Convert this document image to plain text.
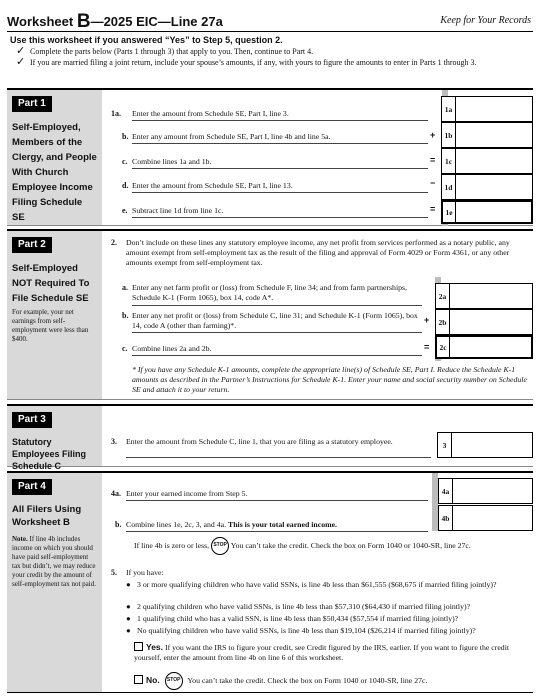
Worksheet B—2025 EIC—Line 27a	Keep for Your Records
Use this worksheet if you answered “Yes” to Step 5, question 2.
✓ Complete the parts below (Parts 1 through 3) that apply to you. Then, continue to Part 4.
✓ If you are married filing a joint return, include your spouse’s amounts, if any, with yours to figure the amounts to enter in Parts 1 through 3.
Part 1
Self-Employed, Members of the Clergy, and People With Church Employee Income Filing Schedule SE
1a. Enter the amount from Schedule SE, Part I, line 3.	1a
b. Enter any amount from Schedule SE, Part I, line 4b and line 5a.	+	1b
c. Combine lines 1a and 1b.	=	1c
d. Enter the amount from Schedule SE, Part I, line 13.	−	1d
e. Subtract line 1d from line 1c.	=	1e
Part 2
Self-Employed NOT Required To File Schedule SE
For example, your net earnings from self-employment were less than $400.
2. Don’t include on these lines any statutory employee income, any net profit from services performed as a notary public, any amount exempt from self-employment tax as the result of the filing and approval of Form 4029 or Form 4361, or any other amounts exempt from self-employment tax.
a. Enter any net farm profit or (loss) from Schedule F, line 34; and from farm partnerships, Schedule K-1 (Form 1065), box 14, code A*.	2a
b. Enter any net profit or (loss) from Schedule C, line 31; and Schedule K-1 (Form 1065), box 14, code A (other than farming)*.
+	2b
c. Combine lines 2a and 2b.	=	2c
* If you have any Schedule K-1 amounts, complete the appropriate line(s) of Schedule SE, Part I. Reduce the Schedule K-1 amounts as described in the Partner’s Instructions for Schedule K-1. Enter your name and social security number on Schedule SE and attach it to your return.
Part 3
Statutory Employees Filing Schedule C
3. Enter the amount from Schedule C, line 1, that you are filing as a statutory employee.	3
Part 4
All Filers Using Worksheet B
Note. If line 4b includes income on which you should have paid self-employment tax but didn’t, we may reduce your credit by the amount of self-employment tax not paid.
4a. Enter your earned income from Step 5.	4a
b. Combine lines 1e, 2c, 3, and 4a. This is your total earned income.
4b
If line 4b is zero or less, STOP You can’t take the credit. Check the box on Form 1040 or 1040-SR, line 27c.
5. If you have:
● 3 or more qualifying children who have valid SSNs, is line 4b less than $61,555 ($68,675 if married filing jointly)?
● 2 qualifying children who have valid SSNs, is line 4b less than $57,310 ($64,430 if married filing jointly)?
● 1 qualifying child who has a valid SSN, is line 4b less than $50,434 ($57,554 if married filing jointly)?
● No qualifying children who have valid SSNs, is line 4b less than $19,104 ($26,214 if married filing jointly)?
Yes. If you want the IRS to figure your credit, see Credit figured by the IRS, earlier. If you want to figure the credit yourself, enter the amount from line 4b on line 6 of this worksheet.
No. STOP You can’t take the credit. Check the box on Form 1040 or 1040-SR, line 27c.
